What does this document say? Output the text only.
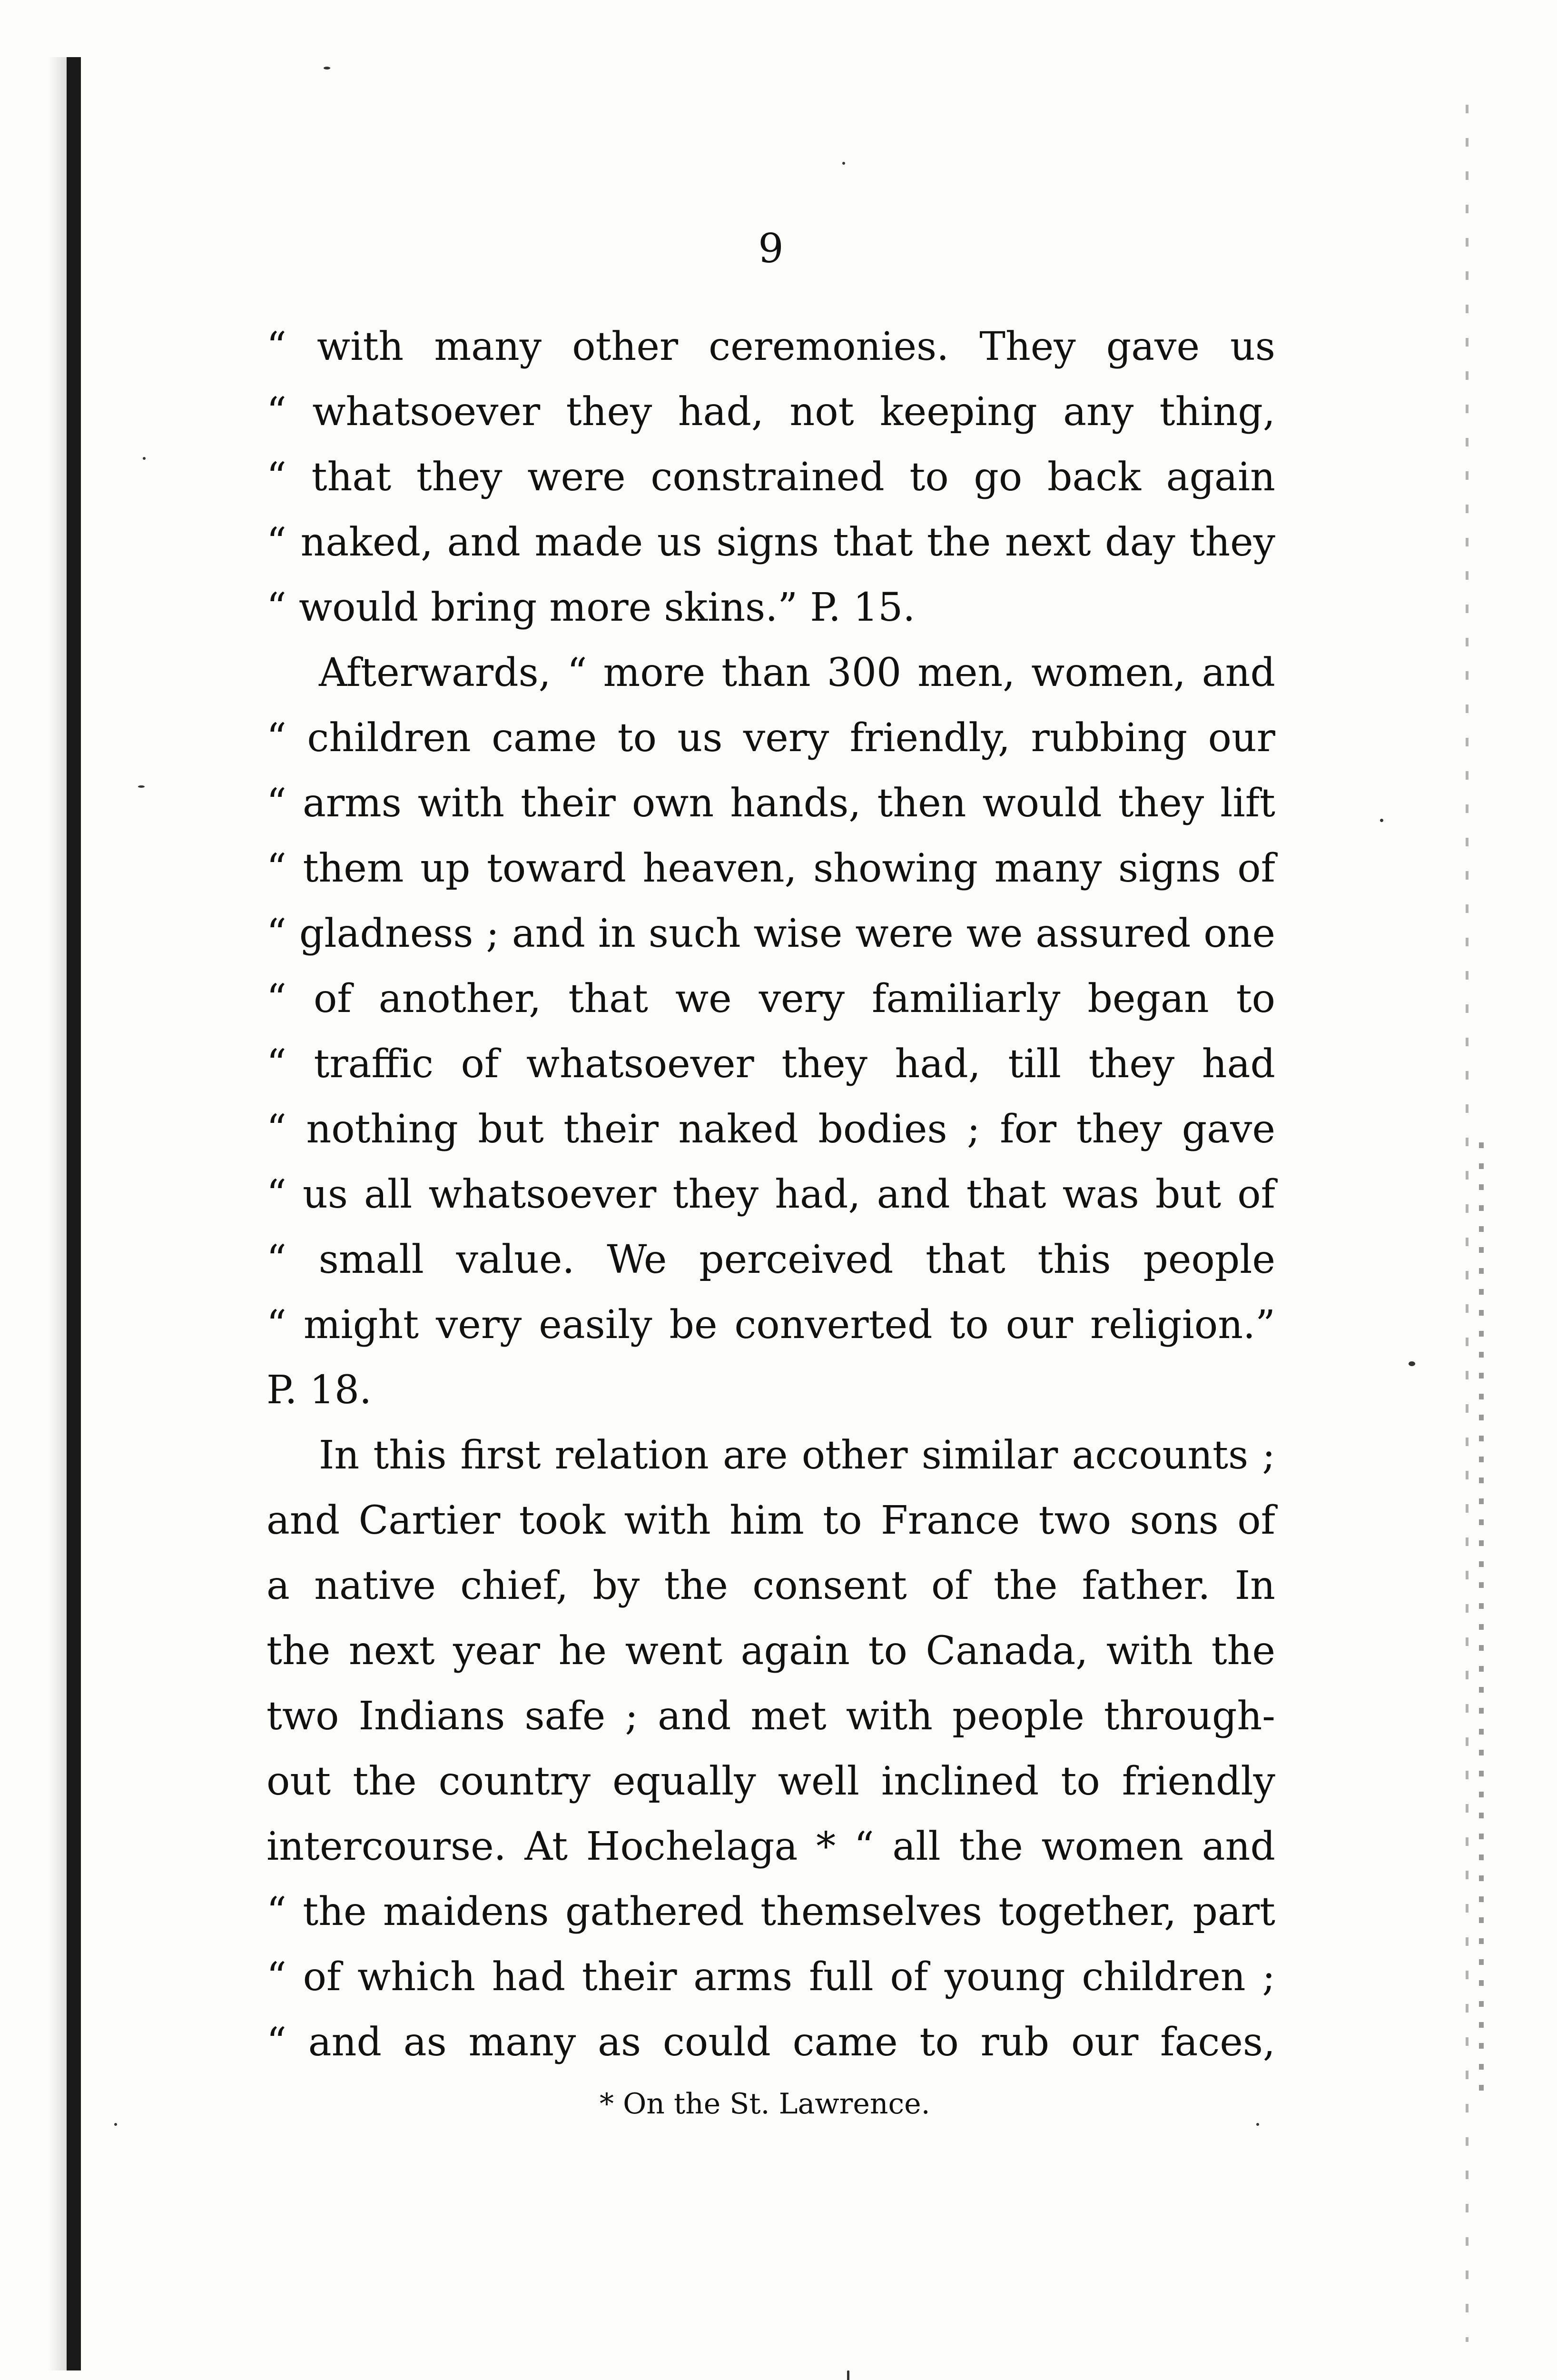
9
“ with many other ceremonies. They gave us
“ whatsoever they had, not keeping any thing,
“ that they were constrained to go back again
“ naked, and made us signs that the next day they
“ would bring more skins.” P. 15.
Afterwards, “ more than 300 men, women, and
“ children came to us very friendly, rubbing our
“ arms with their own hands, then would they lift
“ them up toward heaven, showing many signs of
“ gladness ; and in such wise were we assured one
“ of another, that we very familiarly began to
“ traffic of whatsoever they had, till they had
“ nothing but their naked bodies ; for they gave
“ us all whatsoever they had, and that was but of
“ small value. We perceived that this people
“ might very easily be converted to our religion.”
P. 18.
In this first relation are other similar accounts ;
and Cartier took with him to France two sons of
a native chief, by the consent of the father. In
the next year he went again to Canada, with the
two Indians safe ; and met with people through-
out the country equally well inclined to friendly
intercourse. At Hochelaga * “ all the women and
“ the maidens gathered themselves together, part
“ of which had their arms full of young children ;
“ and as many as could came to rub our faces,
* On the St. Lawrence.
